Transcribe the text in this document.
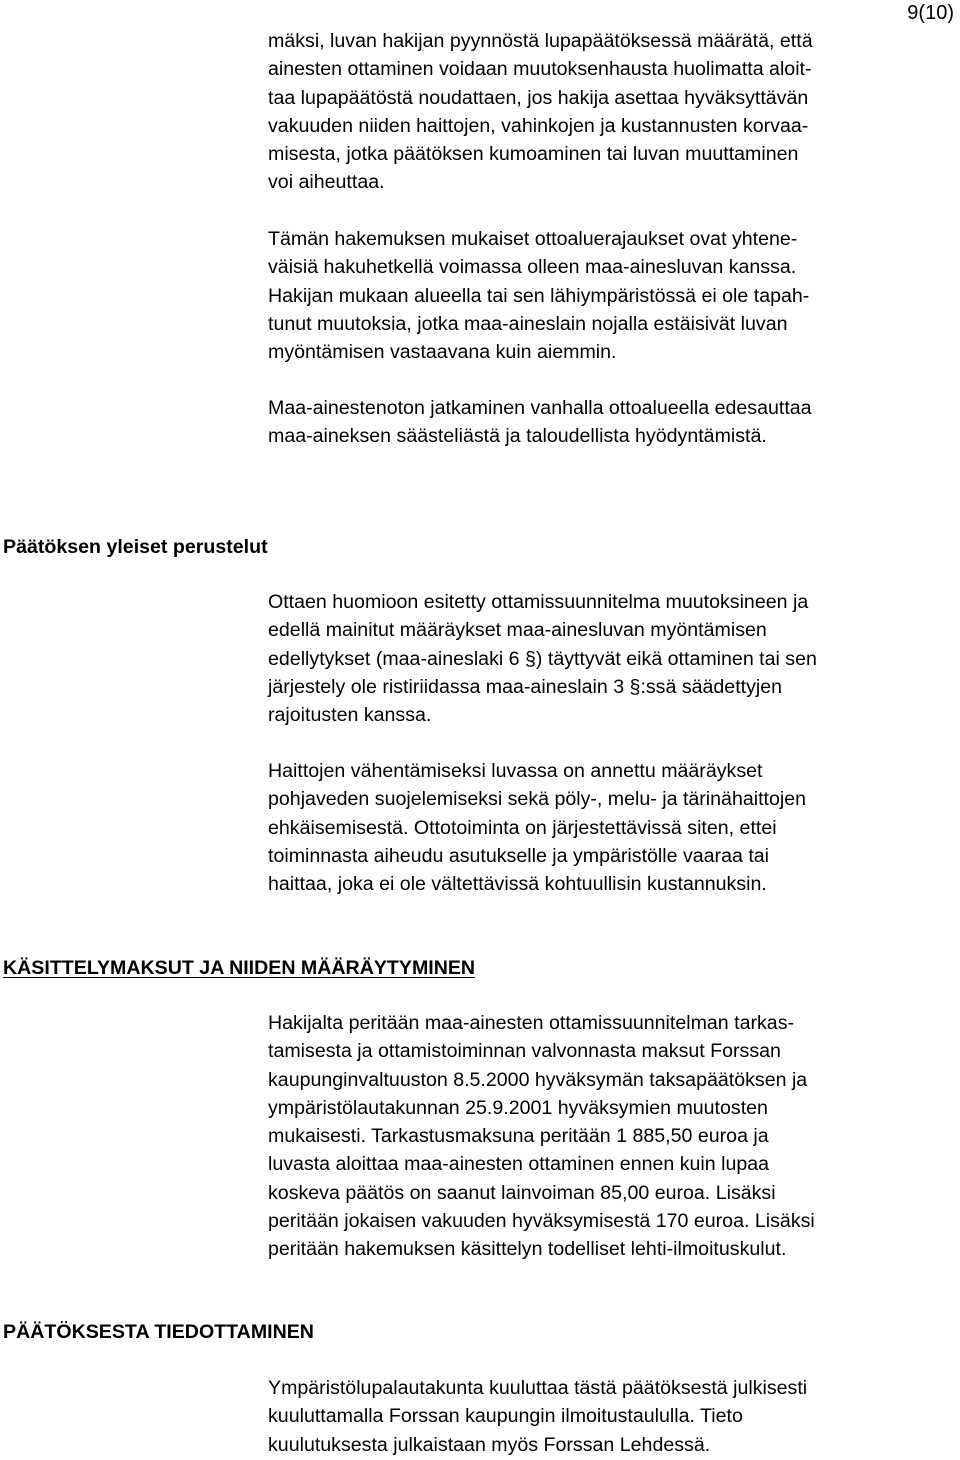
9(10)
mäksi, luvan hakijan pyynnöstä lupapäätöksessä määrätä, että
ainesten ottaminen voidaan muutoksenhausta huolimatta aloit-
taa lupapäätöstä noudattaen, jos hakija asettaa hyväksyttävän
vakuuden niiden haittojen, vahinkojen ja kustannusten korvaa-
misesta, jotka päätöksen kumoaminen tai luvan muuttaminen
voi aiheuttaa.
Tämän hakemuksen mukaiset ottoaluerajaukset ovat yhtene-
väisiä hakuhetkellä voimassa olleen maa-ainesluvan kanssa.
Hakijan mukaan alueella tai sen lähiympäristössä ei ole tapah-
tunut muutoksia, jotka maa-aineslain nojalla estäisivät luvan
myöntämisen vastaavana kuin aiemmin.
Maa-ainestenoton jatkaminen vanhalla ottoalueella edesauttaa
maa-aineksen säästeliästä ja taloudellista hyödyntämistä.
Päätöksen yleiset perustelut
Ottaen huomioon esitetty ottamissuunnitelma muutoksineen ja
edellä mainitut määräykset maa-ainesluvan myöntämisen
edellytykset (maa-aineslaki 6 §) täyttyvät eikä ottaminen tai sen
järjestely ole ristiriidassa maa-aineslain 3 §:ssä säädettyjen
rajoitusten kanssa.
Haittojen vähentämiseksi luvassa on annettu määräykset
pohjaveden suojelemiseksi sekä pöly-, melu- ja tärinähaittojen
ehkäisemisestä. Ottotoiminta on järjestettävissä siten, ettei
toiminnasta aiheudu asutukselle ja ympäristölle vaaraa tai
haittaa, joka ei ole vältettävissä kohtuullisin kustannuksin.
KÄSITTELYMAKSUT JA NIIDEN MÄÄRÄYTYMINEN
Hakijalta peritään maa-ainesten ottamissuunnitelman tarkas-
tamisesta ja ottamistoiminnan valvonnasta maksut Forssan
kaupunginvaltuuston 8.5.2000 hyväksymän taksapäätöksen ja
ympäristölautakunnan 25.9.2001 hyväksymien muutosten
mukaisesti. Tarkastusmaksuna peritään 1 885,50 euroa ja
luvasta aloittaa maa-ainesten ottaminen ennen kuin lupaa
koskeva päätös on saanut lainvoiman 85,00 euroa. Lisäksi
peritään jokaisen vakuuden hyväksymisestä 170 euroa. Lisäksi
peritään hakemuksen käsittelyn todelliset lehti-ilmoituskulut.
PÄÄTÖKSESTA TIEDOTTAMINEN
Ympäristölupalautakunta kuuluttaa tästä päätöksestä julkisesti
kuuluttamalla Forssan kaupungin ilmoitustaululla. Tieto
kuulutuksesta julkaistaan myös Forssan Lehdessä.
